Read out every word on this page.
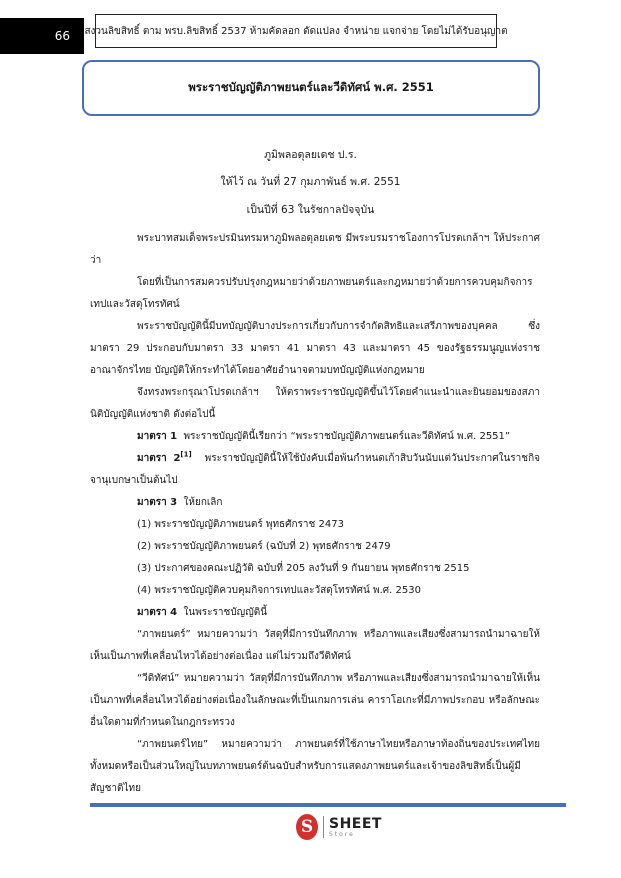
66 สงวนลิขสิทธิ์ ตาม พรบ.ลิขสิทธิ์ 2537 ห้ามคัดลอก ดัดแปลง จำหน่าย แจกจ่าย โดยไม่ได้รับอนุญาต
พระราชบัญญัติภาพยนตร์และวีดิทัศน์ พ.ศ. 2551
ภูมิพลอดุลยเดช ป.ร.
ให้ไว้ ณ วันที่ 27 กุมภาพันธ์ พ.ศ. 2551
เป็นปีที่ 63 ในรัชกาลปัจจุบัน

พระบาทสมเด็จพระปรมินทรมหาภูมิพลอดุลยเดช มีพระบรมราชโองการโปรดเกล้าฯ ให้ประกาศว่า

โดยที่เป็นการสมควรปรับปรุงกฎหมายว่าด้วยภาพยนตร์และกฎหมายว่าด้วยการควบคุมกิจการเทปและวัสดุโทรทัศน์

พระราชบัญญัตินี้มีบทบัญญัติบางประการเกี่ยวกับการจำกัดสิทธิและเสรีภาพของบุคคล ซึ่งมาตรา 29 ประกอบกับมาตรา 33 มาตรา 41 มาตรา 43 และมาตรา 45 ของรัฐธรรมนูญแห่งราชอาณาจักรไทย บัญญัติให้กระทำได้โดยอาศัยอำนาจตามบทบัญญัติแห่งกฎหมาย

จึงทรงพระกรุณาโปรดเกล้าฯ ให้ตราพระราชบัญญัติขึ้นไว้โดยคำแนะนำและยินยอมของสภานิติบัญญัติแห่งชาติ ดังต่อไปนี้

มาตรา 1 พระราชบัญญัตินี้เรียกว่า “พระราชบัญญัติภาพยนตร์และวีดิทัศน์ พ.ศ. 2551”

มาตรา 2[1] พระราชบัญญัตินี้ให้ใช้บังคับเมื่อพ้นกำหนดเก้าสิบวันนับแต่วันประกาศในราชกิจจานุเบกษาเป็นต้นไป

มาตรา 3 ให้ยกเลิก

(1) พระราชบัญญัติภาพยนตร์ พุทธศักราช 2473

(2) พระราชบัญญัติภาพยนตร์ (ฉบับที่ 2) พุทธศักราช 2479

(3) ประกาศของคณะปฏิวัติ ฉบับที่ 205 ลงวันที่ 9 กันยายน พุทธศักราช 2515

(4) พระราชบัญญัติควบคุมกิจการเทปและวัสดุโทรทัศน์ พ.ศ. 2530

มาตรา 4 ในพระราชบัญญัตินี้

“ภาพยนตร์” หมายความว่า วัสดุที่มีการบันทึกภาพ หรือภาพและเสียงซึ่งสามารถนำมาฉายให้เห็นเป็นภาพที่เคลื่อนไหวได้อย่างต่อเนื่อง แต่ไม่รวมถึงวีดิทัศน์

“วีดิทัศน์” หมายความว่า วัสดุที่มีการบันทึกภาพ หรือภาพและเสียงซึ่งสามารถนำมาฉายให้เห็นเป็นภาพที่เคลื่อนไหวได้อย่างต่อเนื่องในลักษณะที่เป็นเกมการเล่น คาราโอเกะที่มีภาพประกอบ หรือลักษณะอื่นใดตามที่กำหนดในกฎกระทรวง

“ภาพยนตร์ไทย” หมายความว่า ภาพยนตร์ที่ใช้ภาษาไทยหรือภาษาท้องถิ่นของประเทศไทยทั้งหมดหรือเป็นส่วนใหญ่ในบทภาพยนตร์ต้นฉบับสำหรับการแสดงภาพยนตร์และเจ้าของลิขสิทธิ์เป็นผู้มีสัญชาติไทย

S	SHEET
Store
